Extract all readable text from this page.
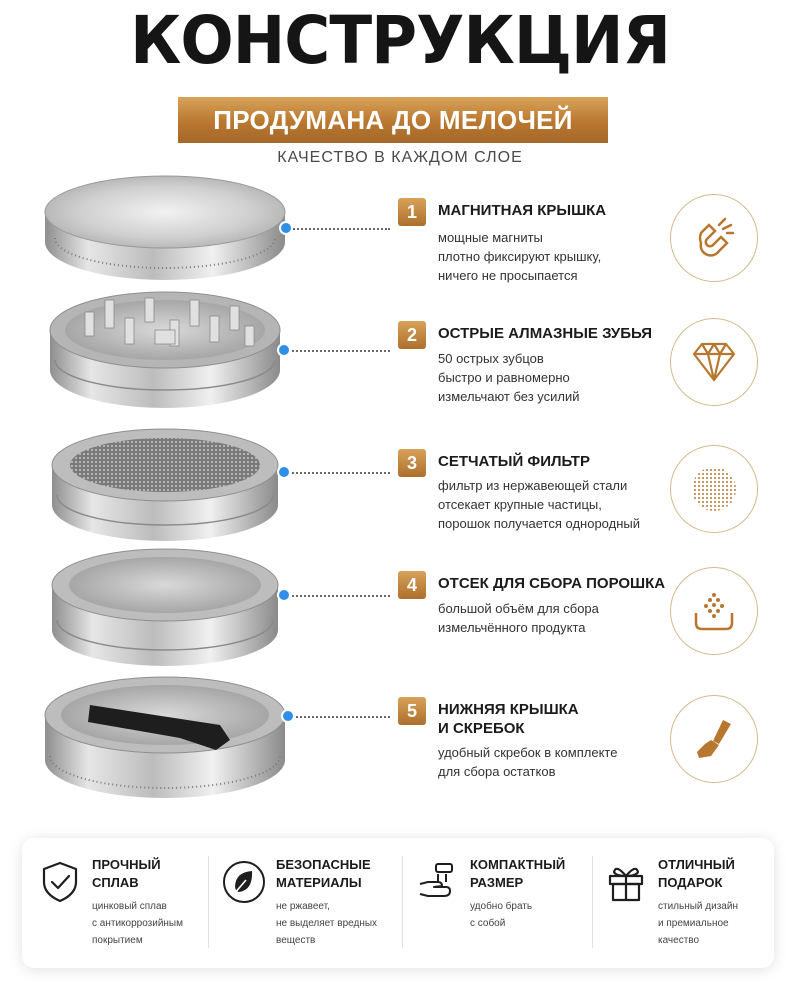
КОНСТРУКЦИЯ
ПРОДУМАНА ДО МЕЛОЧЕЙ
КАЧЕСТВО В КАЖДОМ СЛОЕ
1	МАГНИТНАЯ КРЫШКА
мощные магниты
плотно фиксируют крышку,
ничего не просыпается
2	ОСТРЫЕ АЛМАЗНЫЕ ЗУБЬЯ
50 острых зубцов
быстро и равномерно
измельчают без усилий
3	СЕТЧАТЫЙ ФИЛЬТР
фильтр из нержавеющей стали
отсекает крупные частицы,
порошок получается однородный
4	ОТСЕК ДЛЯ СБОРА ПОРОШКА
большой объём для сбора
измельчённого продукта
5	НИЖНЯЯ КРЫШКА
И СКРЕБОК
удобный скребок в комплекте
для сбора остатков
ПРОЧНЫЙ
СПЛАВ
цинковый сплав
с антикоррозийным
покрытием
БЕЗОПАСНЫЕ
МАТЕРИАЛЫ
не ржавеет,
не выделяет вредных
веществ
КОМПАКТНЫЙ
РАЗМЕР
удобно брать
с собой
ОТЛИЧНЫЙ
ПОДАРОК
стильный дизайн
и премиальное
качество
